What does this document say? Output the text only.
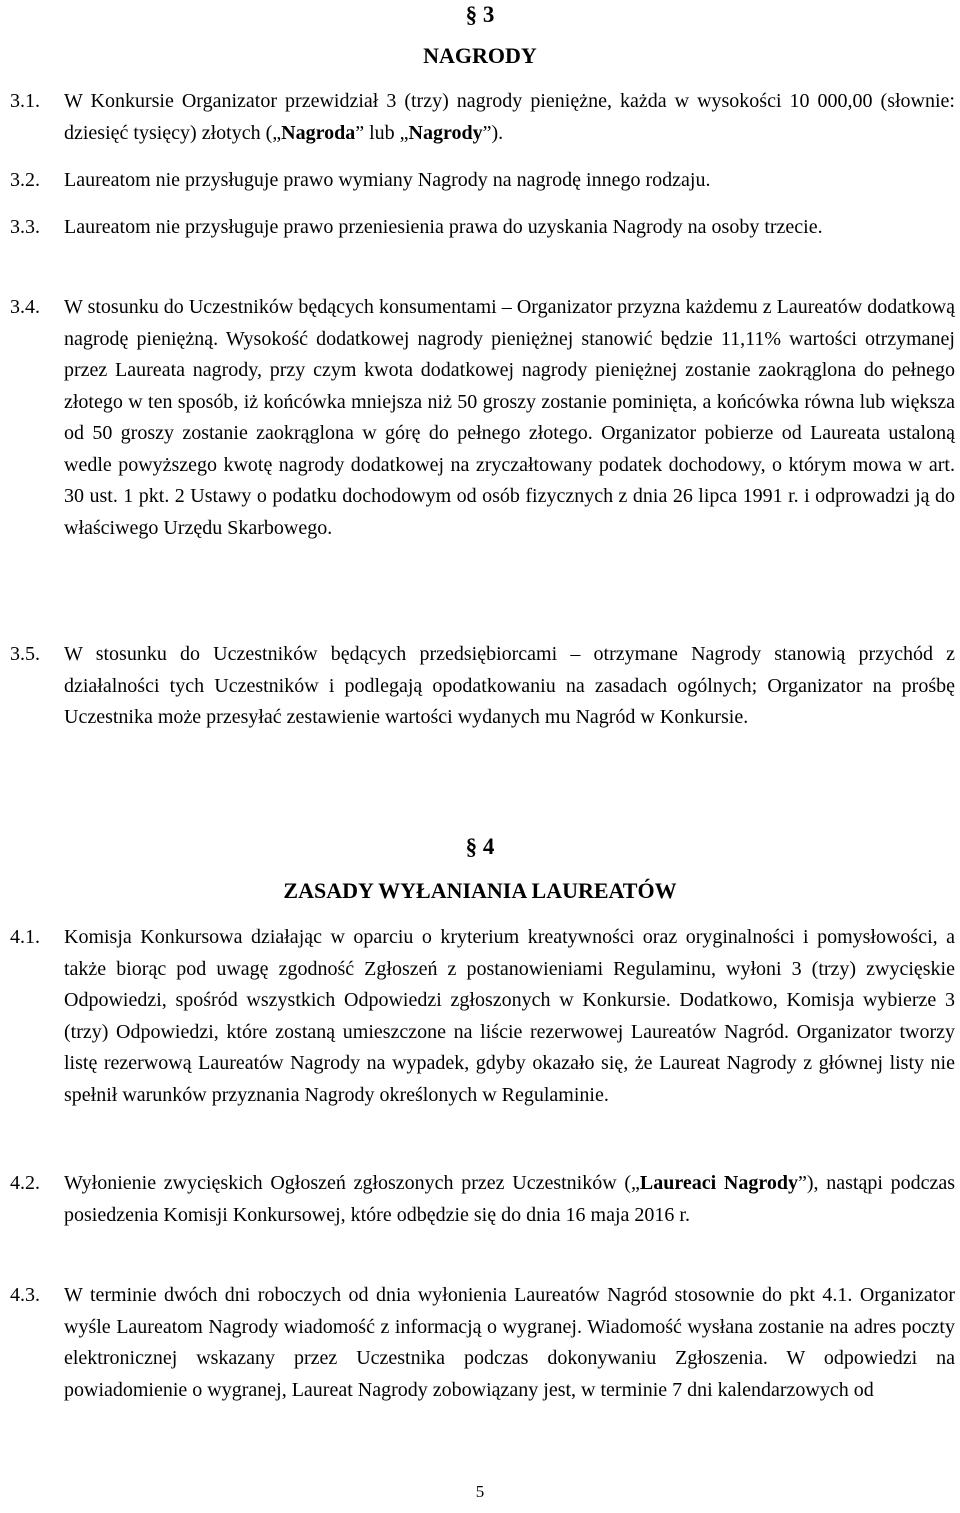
§ 3
NAGRODY
3.1. W Konkursie Organizator przewidział 3 (trzy) nagrody pieniężne, każda w wysokości 10 000,00 (słownie: dziesięć tysięcy) złotych („Nagroda” lub „Nagrody”).
3.2. Laureatom nie przysługuje prawo wymiany Nagrody na nagrodę innego rodzaju.
3.3. Laureatom nie przysługuje prawo przeniesienia prawa do uzyskania Nagrody na osoby trzecie.
3.4. W stosunku do Uczestników będących konsumentami – Organizator przyzna każdemu z Laureatów dodatkową nagrodę pieniężną. Wysokość dodatkowej nagrody pieniężnej stanowić będzie 11,11% wartości otrzymanej przez Laureata nagrody, przy czym kwota dodatkowej nagrody pieniężnej zostanie zaokrąglona do pełnego złotego w ten sposób, iż końcówka mniejsza niż 50 groszy zostanie pominięta, a końcówka równa lub większa od 50 groszy zostanie zaokrąglona w górę do pełnego złotego. Organizator pobierze od Laureata ustaloną wedle powyższego kwotę nagrody dodatkowej na zryczałtowany podatek dochodowy, o którym mowa w art. 30 ust. 1 pkt. 2 Ustawy o podatku dochodowym od osób fizycznych z dnia 26 lipca 1991 r. i odprowadzi ją do właściwego Urzędu Skarbowego.
3.5. W stosunku do Uczestników będących przedsiębiorcami – otrzymane Nagrody stanowią przychód z działalności tych Uczestników i podlegają opodatkowaniu na zasadach ogólnych; Organizator na prośbę Uczestnika może przesyłać zestawienie wartości wydanych mu Nagród w Konkursie.
§ 4
ZASADY WYŁANIANIA LAUREATÓW
4.1. Komisja Konkursowa działając w oparciu o kryterium kreatywności oraz oryginalności i pomysłowości, a także biorąc pod uwagę zgodność Zgłoszeń z postanowieniami Regulaminu, wyłoni 3 (trzy) zwycięskie Odpowiedzi, spośród wszystkich Odpowiedzi zgłoszonych w Konkursie. Dodatkowo, Komisja wybierze 3 (trzy) Odpowiedzi, które zostaną umieszczone na liście rezerwowej Laureatów Nagród. Organizator tworzy listę rezerwową Laureatów Nagrody na wypadek, gdyby okazało się, że Laureat Nagrody z głównej listy nie spełnił warunków przyznania Nagrody określonych w Regulaminie.
4.2. Wyłonienie zwycięskich Ogłoszeń zgłoszonych przez Uczestników („Laureaci Nagrody”), nastąpi podczas posiedzenia Komisji Konkursowej, które odbędzie się do dnia 16 maja 2016 r.
4.3. W terminie dwóch dni roboczych od dnia wyłonienia Laureatów Nagród stosownie do pkt 4.1. Organizator wyśle Laureatom Nagrody wiadomość z informacją o wygranej. Wiadomość wysłana zostanie na adres poczty elektronicznej wskazany przez Uczestnika podczas dokonywaniu Zgłoszenia. W odpowiedzi na powiadomienie o wygranej, Laureat Nagrody zobowiązany jest, w terminie 7 dni kalendarzowych od
5
